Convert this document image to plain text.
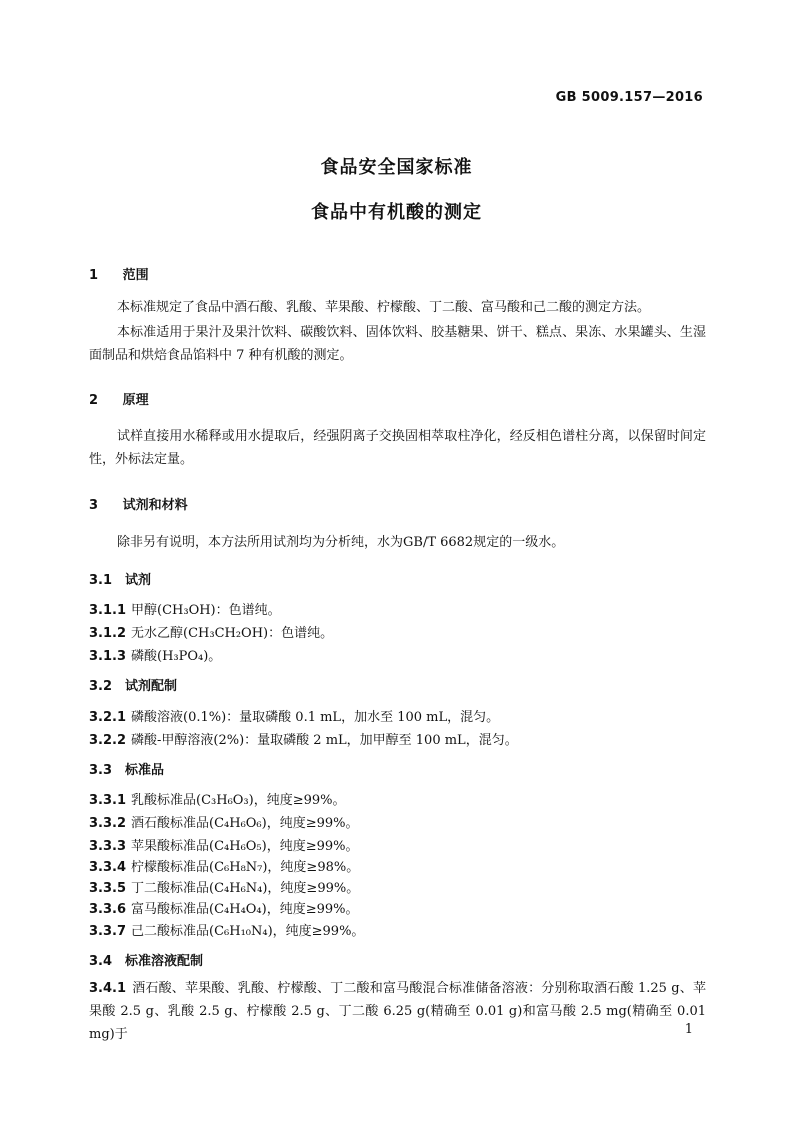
GB 5009.157—2016
食品安全国家标准
食品中有机酸的测定
1 范围
本标准规定了食品中酒石酸、乳酸、苹果酸、柠檬酸、丁二酸、富马酸和己二酸的测定方法。
本标准适用于果汁及果汁饮料、碳酸饮料、固体饮料、胶基糖果、饼干、糕点、果冻、水果罐头、生湿面制品和烘焙食品馅料中 7 种有机酸的测定。
2 原理
试样直接用水稀释或用水提取后，经强阴离子交换固相萃取柱净化，经反相色谱柱分离，以保留时间定性，外标法定量。
3 试剂和材料
除非另有说明，本方法所用试剂均为分析纯，水为GB/T 6682规定的一级水。
3.1 试剂
3.1.1 甲醇(CH₃OH)：色谱纯。
3.1.2 无水乙醇(CH₃CH₂OH)：色谱纯。
3.1.3 磷酸(H₃PO₄)。
3.2 试剂配制
3.2.1 磷酸溶液(0.1%)：量取磷酸 0.1 mL，加水至 100 mL，混匀。
3.2.2 磷酸-甲醇溶液(2%)：量取磷酸 2 mL，加甲醇至 100 mL，混匀。
3.3 标准品
3.3.1 乳酸标准品(C₃H₆O₃)，纯度≥99%。
3.3.2 酒石酸标准品(C₄H₆O₆)，纯度≥99%。
3.3.3 苹果酸标准品(C₄H₆O₅)，纯度≥99%。
3.3.4 柠檬酸标准品(C₆H₈N₇)，纯度≥98%。
3.3.5 丁二酸标准品(C₄H₆N₄)，纯度≥99%。
3.3.6 富马酸标准品(C₄H₄O₄)，纯度≥99%。
3.3.7 己二酸标准品(C₆H₁₀N₄)，纯度≥99%。
3.4 标准溶液配制
3.4.1 酒石酸、苹果酸、乳酸、柠檬酸、丁二酸和富马酸混合标准储备溶液：分别称取酒石酸 1.25 g、苹果酸 2.5 g、乳酸 2.5 g、柠檬酸 2.5 g、丁二酸 6.25 g(精确至 0.01 g)和富马酸 2.5 mg(精确至 0.01 mg)于	1
